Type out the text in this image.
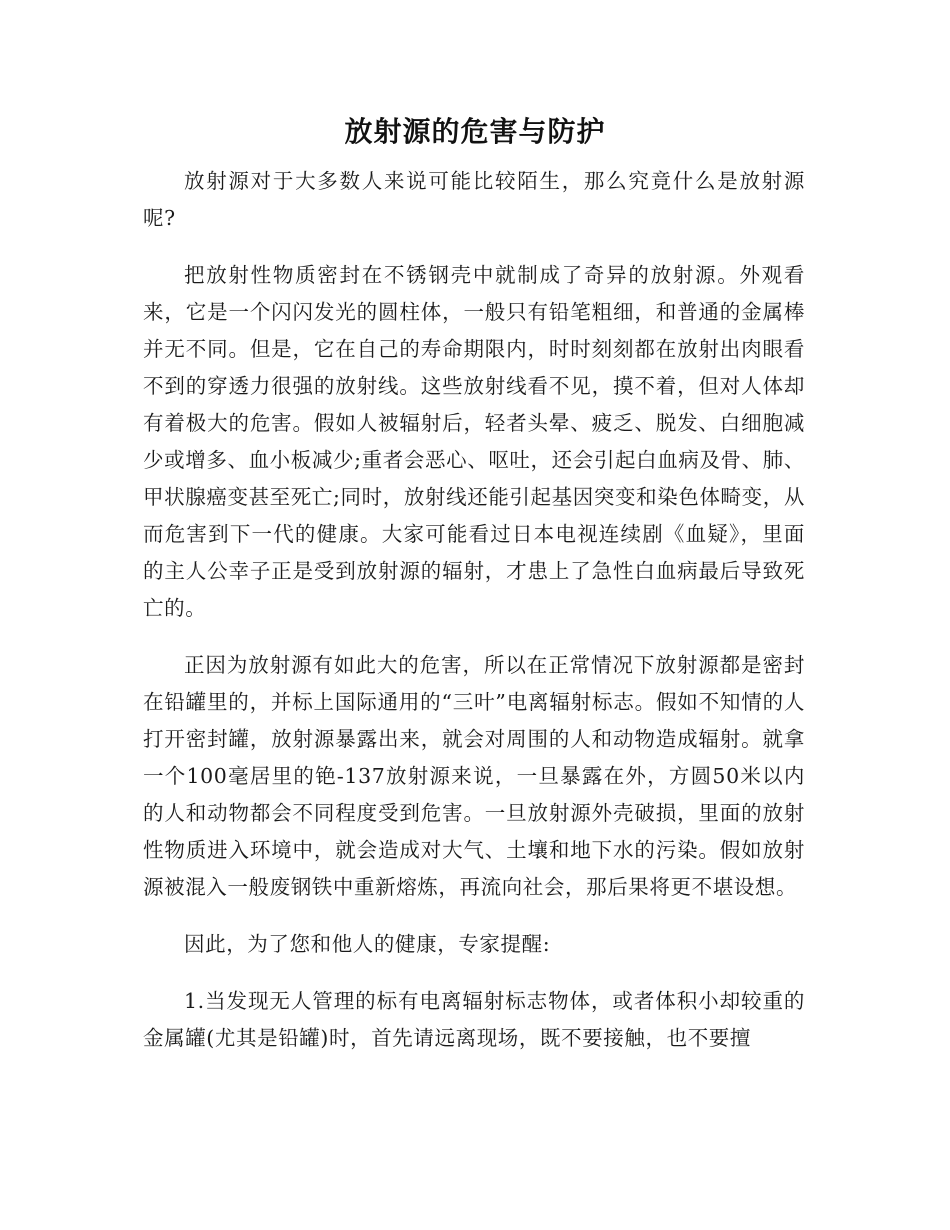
放射源的危害与防护

放射源对于大多数人来说可能比较陌生，那么究竟什么是放射源呢?

把放射性物质密封在不锈钢壳中就制成了奇异的放射源。外观看来，它是一个闪闪发光的圆柱体，一般只有铅笔粗细，和普通的金属棒并无不同。但是，它在自己的寿命期限内，时时刻刻都在放射出肉眼看不到的穿透力很强的放射线。这些放射线看不见，摸不着，但对人体却有着极大的危害。假如人被辐射后，轻者头晕、疲乏、脱发、白细胞减少或增多、血小板减少;重者会恶心、呕吐，还会引起白血病及骨、肺、甲状腺癌变甚至死亡;同时，放射线还能引起基因突变和染色体畸变，从而危害到下一代的健康。大家可能看过日本电视连续剧《血疑》，里面的主人公幸子正是受到放射源的辐射，才患上了急性白血病最后导致死亡的。

正因为放射源有如此大的危害，所以在正常情况下放射源都是密封在铅罐里的，并标上国际通用的“三叶”电离辐射标志。假如不知情的人打开密封罐，放射源暴露出来，就会对周围的人和动物造成辐射。就拿一个100毫居里的铯-137放射源来说，一旦暴露在外，方圆50米以内的人和动物都会不同程度受到危害。一旦放射源外壳破损，里面的放射性物质进入环境中，就会造成对大气、土壤和地下水的污染。假如放射源被混入一般废钢铁中重新熔炼，再流向社会，那后果将更不堪设想。

因此，为了您和他人的健康，专家提醒:

1.当发现无人管理的标有电离辐射标志物体，或者体积小却较重的金属罐(尤其是铅罐)时，首先请远离现场，既不要接触，也不要擅
